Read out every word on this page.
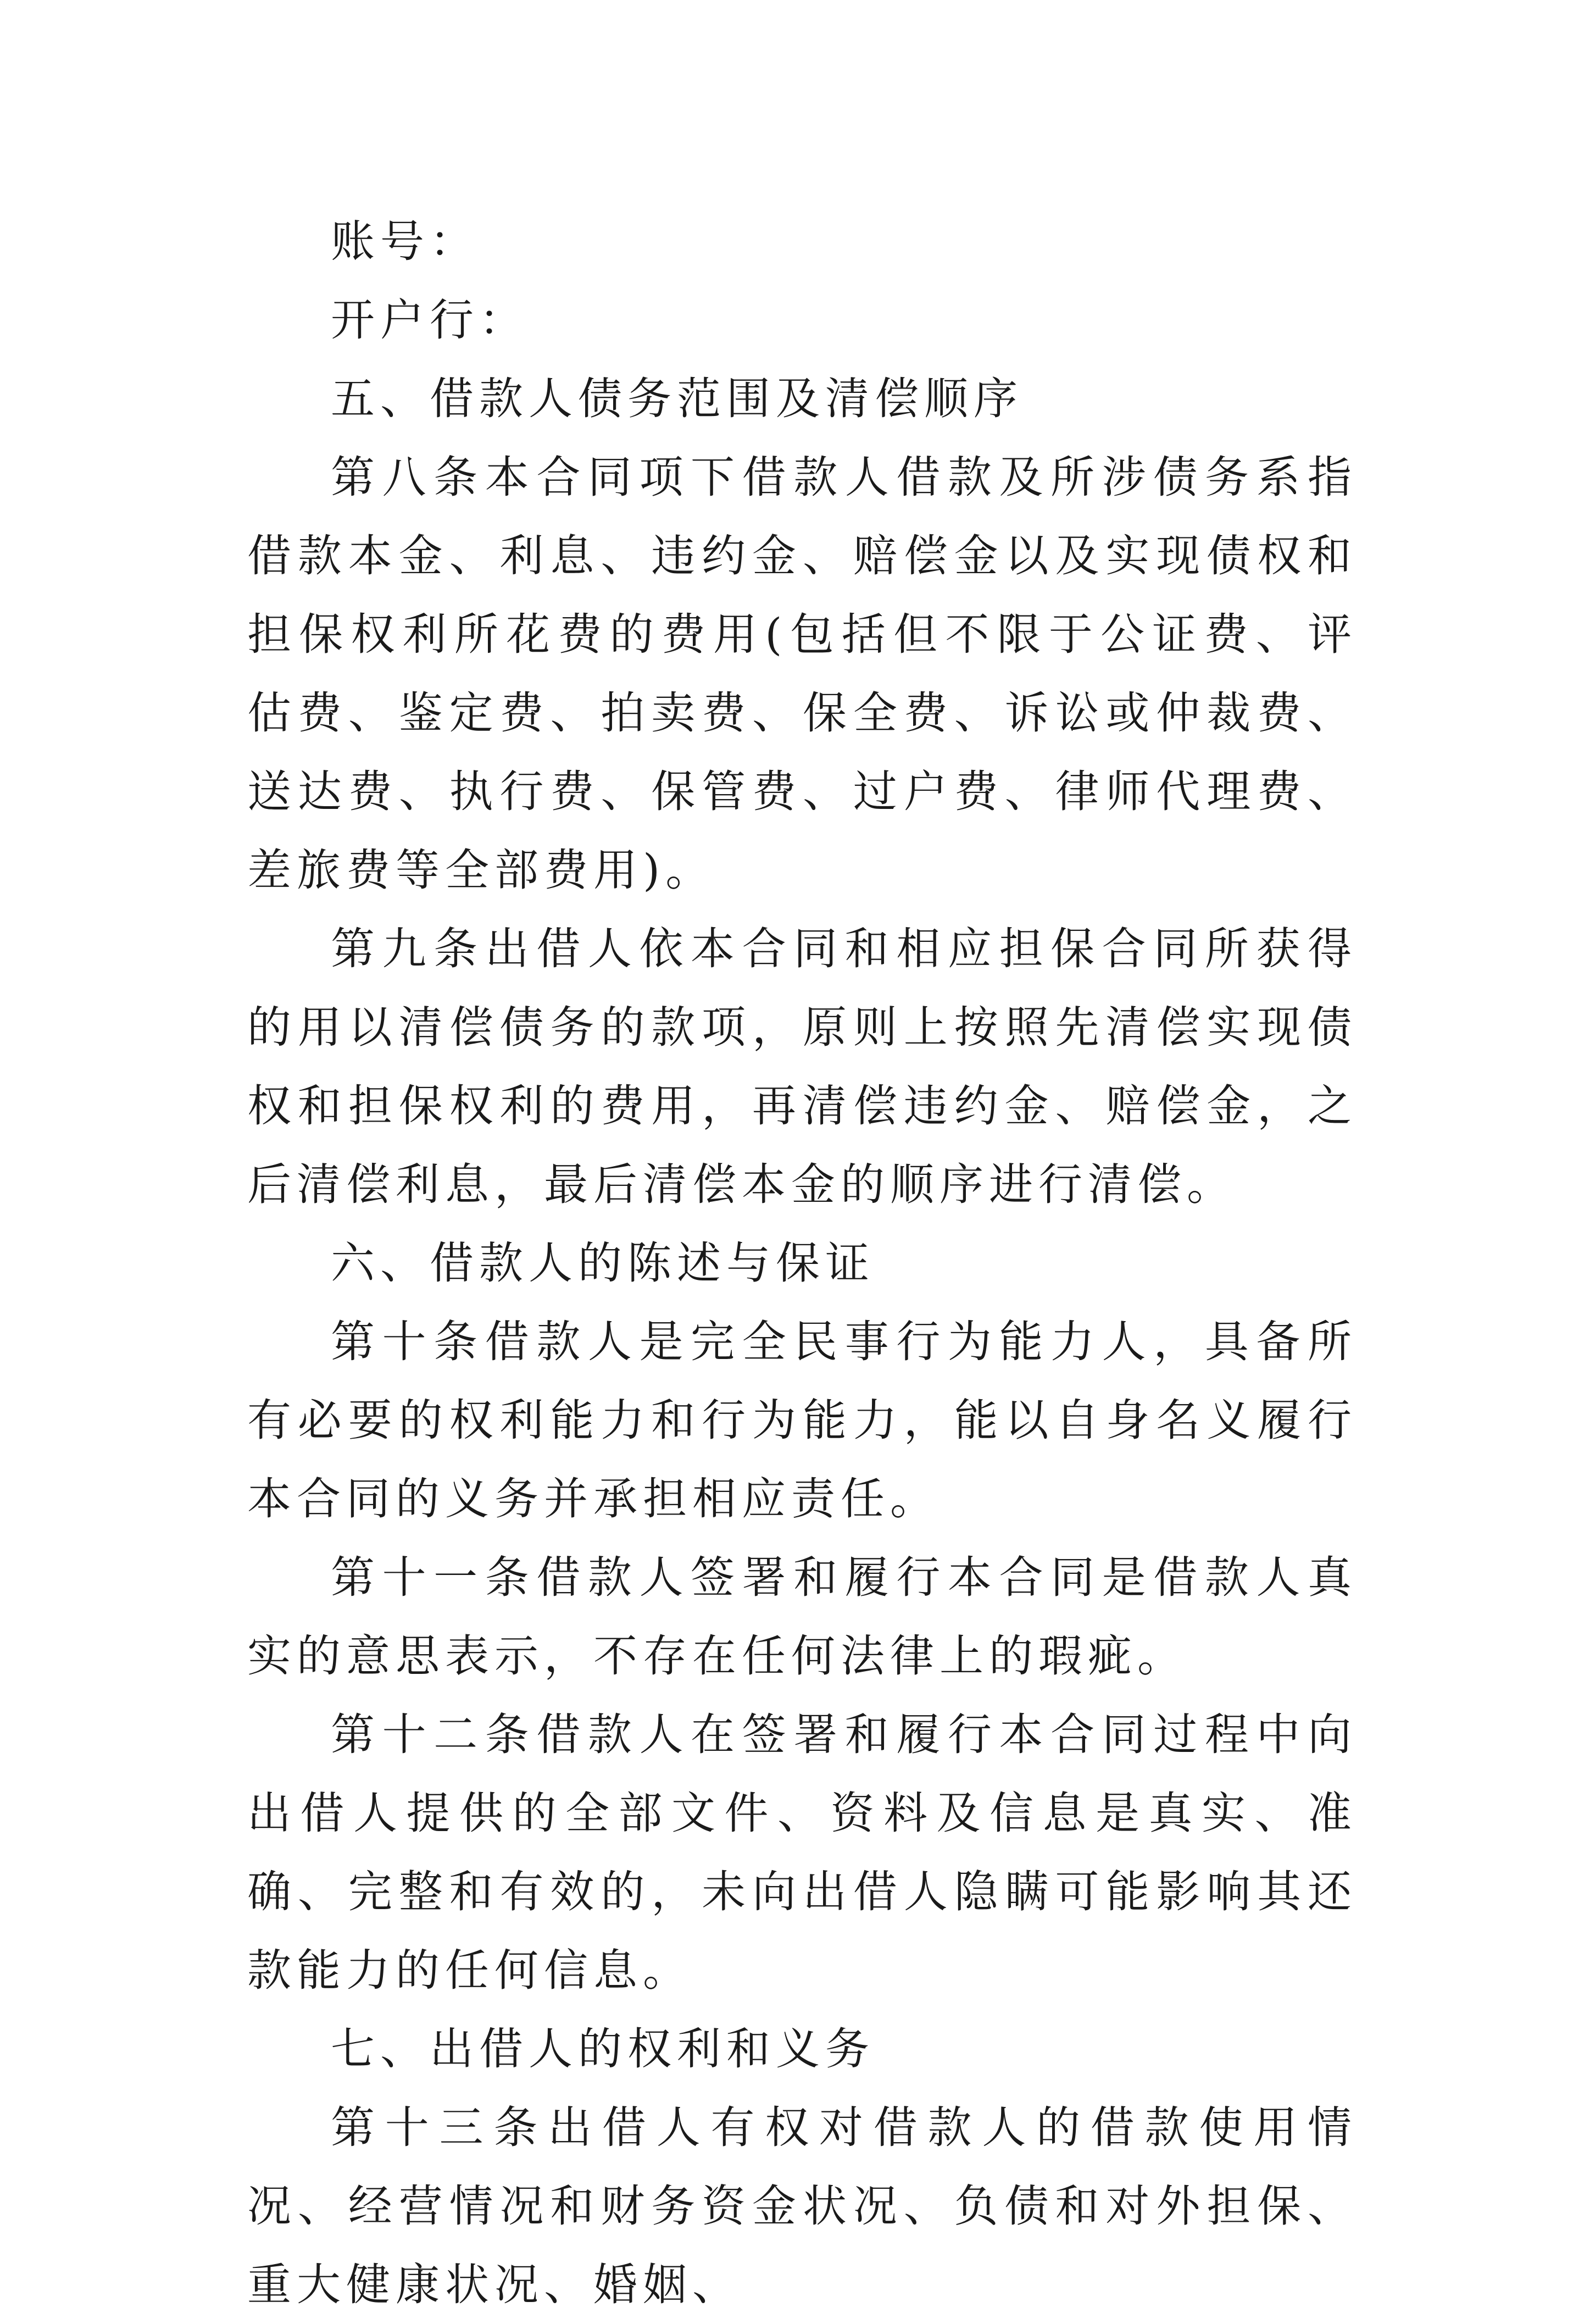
账号：

开户行：

五、借款人债务范围及清偿顺序

第八条本合同项下借款人借款及所涉债务系指借款本金、利息、违约金、赔偿金以及实现债权和担保权利所花费的费用(包括但不限于公证费、评估费、鉴定费、拍卖费、保全费、诉讼或仲裁费、送达费、执行费、保管费、过户费、律师代理费、差旅费等全部费用)。

第九条出借人依本合同和相应担保合同所获得的用以清偿债务的款项，原则上按照先清偿实现债权和担保权利的费用，再清偿违约金、赔偿金，之后清偿利息，最后清偿本金的顺序进行清偿。

六、借款人的陈述与保证

第十条借款人是完全民事行为能力人，具备所有必要的权利能力和行为能力，能以自身名义履行本合同的义务并承担相应责任。

第十一条借款人签署和履行本合同是借款人真实的意思表示，不存在任何法律上的瑕疵。

第十二条借款人在签署和履行本合同过程中向出借人提供的全部文件、资料及信息是真实、准确、完整和有效的，未向出借人隐瞒可能影响其还款能力的任何信息。

七、出借人的权利和义务

第十三条出借人有权对借款人的借款使用情况、经营情况和财务资金状况、负债和对外担保、重大健康状况、婚姻、
